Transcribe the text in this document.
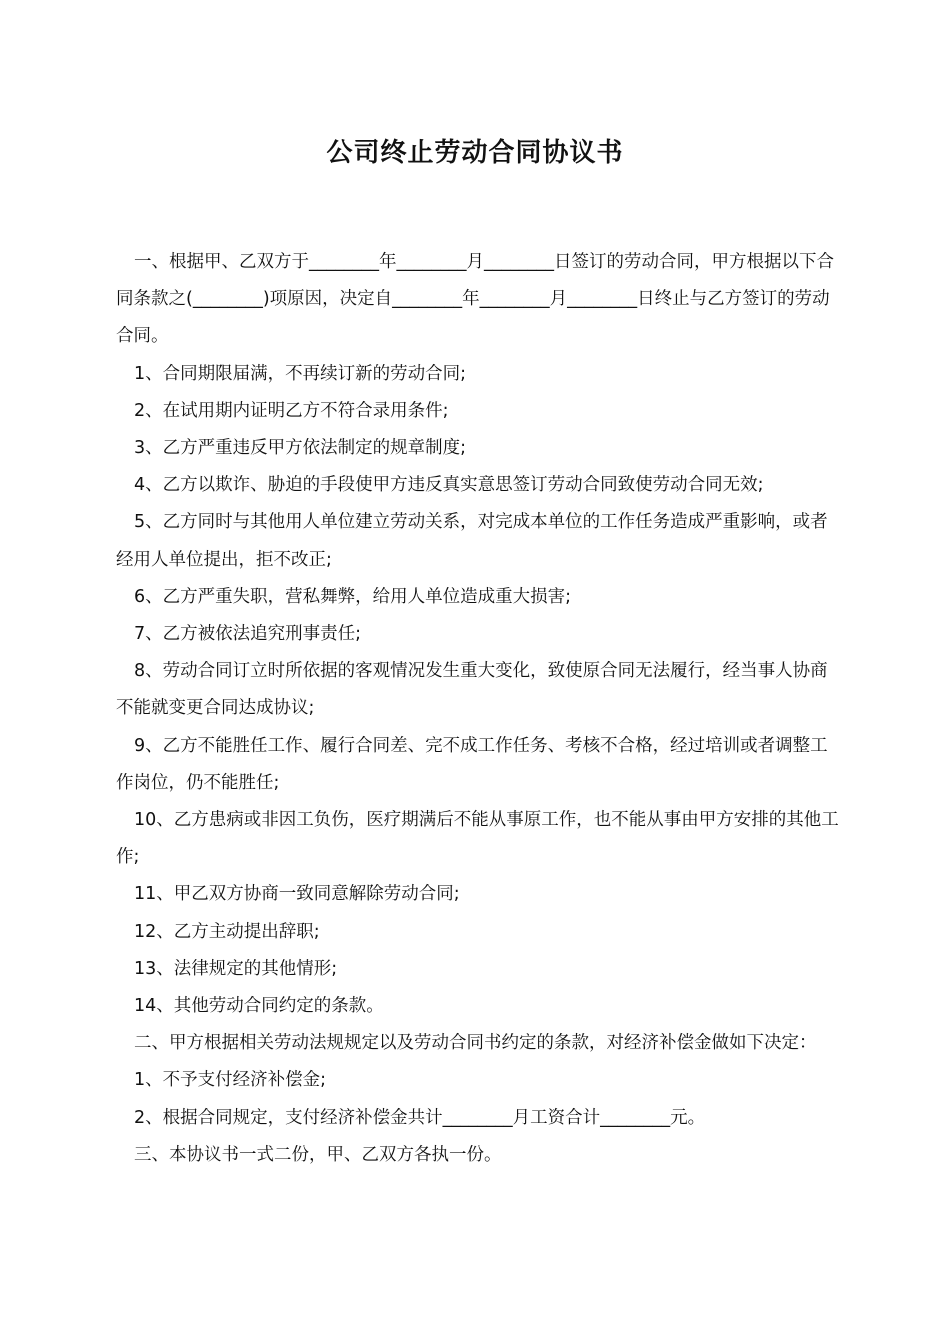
公司终止劳动合同协议书

一、根据甲、乙双方于________年________月________日签订的劳动合同，甲方根据以下合同条款之(________)项原因，决定自________年________月________日终止与乙方签订的劳动合同。

1、合同期限届满，不再续订新的劳动合同;

2、在试用期内证明乙方不符合录用条件;

3、乙方严重违反甲方依法制定的规章制度;

4、乙方以欺诈、胁迫的手段使甲方违反真实意思签订劳动合同致使劳动合同无效;

5、乙方同时与其他用人单位建立劳动关系，对完成本单位的工作任务造成严重影响，或者经用人单位提出，拒不改正;

6、乙方严重失职，营私舞弊，给用人单位造成重大损害;

7、乙方被依法追究刑事责任;

8、劳动合同订立时所依据的客观情况发生重大变化，致使原合同无法履行，经当事人协商不能就变更合同达成协议;

9、乙方不能胜任工作、履行合同差、完不成工作任务、考核不合格，经过培训或者调整工作岗位，仍不能胜任;

10、乙方患病或非因工负伤，医疗期满后不能从事原工作，也不能从事由甲方安排的其他工作;

11、甲乙双方协商一致同意解除劳动合同;

12、乙方主动提出辞职;

13、法律规定的其他情形;

14、其他劳动合同约定的条款。

二、甲方根据相关劳动法规规定以及劳动合同书约定的条款，对经济补偿金做如下决定：

1、不予支付经济补偿金;

2、根据合同规定，支付经济补偿金共计________月工资合计________元。

三、本协议书一式二份，甲、乙双方各执一份。
